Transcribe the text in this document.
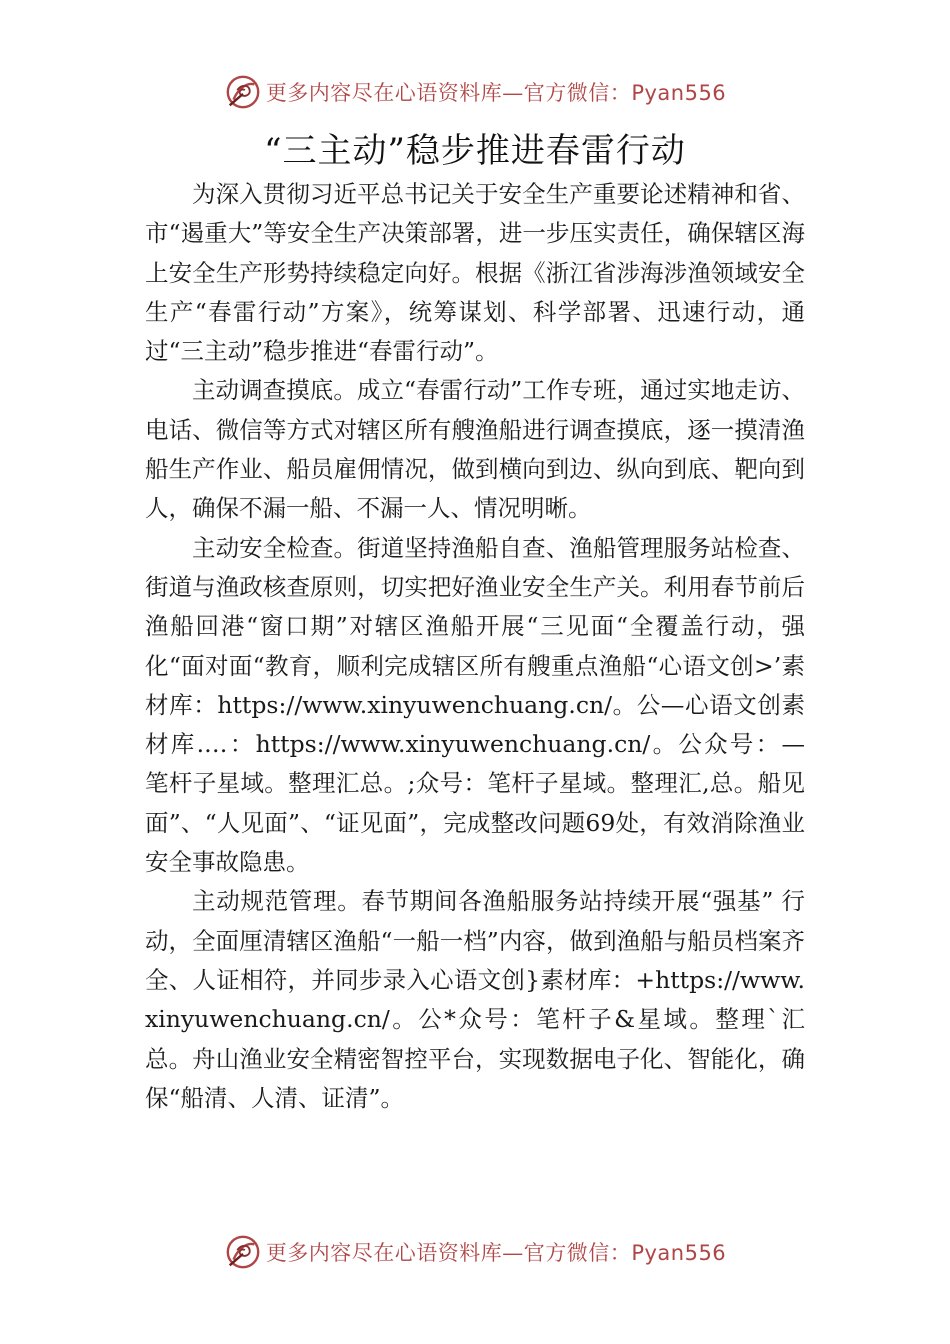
更多内容尽在心语资料库—官方微信：Pyan556
“三主动”稳步推进春雷行动

为深入贯彻习近平总书记关于安全生产重要论述精神和省、市“遏重大”等安全生产决策部署，进一步压实责任，确保辖区海上安全生产形势持续稳定向好。根据《浙江省涉海涉渔领域安全生产“春雷行动”方案》，统筹谋划、科学部署、迅速行动，通过“三主动”稳步推进“春雷行动”。

主动调查摸底。成立“春雷行动”工作专班，通过实地走访、电话、微信等方式对辖区所有艘渔船进行调查摸底，逐一摸清渔船生产作业、船员雇佣情况，做到横向到边、纵向到底、靶向到人，确保不漏一船、不漏一人、情况明晰。

主动安全检查。街道坚持渔船自查、渔船管理服务站检查、街道与渔政核查原则，切实把好渔业安全生产关。利用春节前后渔船回港“窗口期”对辖区渔船开展“三见面“全覆盖行动，强化“面对面“教育，顺利完成辖区所有艘重点渔船“心语文创>’素材库：https://www.xinyuwenchuang.cn/。公—心语文创素材库.…：https://www.xinyuwenchuang.cn/。公众号：—笔杆子星域。整理汇总。;众号：笔杆子星域。整理汇,总。船见面”、“人见面”、“证见面”，完成整改问题69处，有效消除渔业安全事故隐患。

主动规范管理。春节期间各渔船服务站持续开展“强基” 行动，全面厘清辖区渔船“一船一档”内容，做到渔船与船员档案齐全、人证相符，并同步录入心语文创}素材库：+https://www.xinyuwenchuang.cn/。公*众号：笔杆子&星域。整理`汇总。舟山渔业安全精密智控平台，实现数据电子化、智能化，确保“船清、人清、证清”。

更多内容尽在心语资料库—官方微信：Pyan556
